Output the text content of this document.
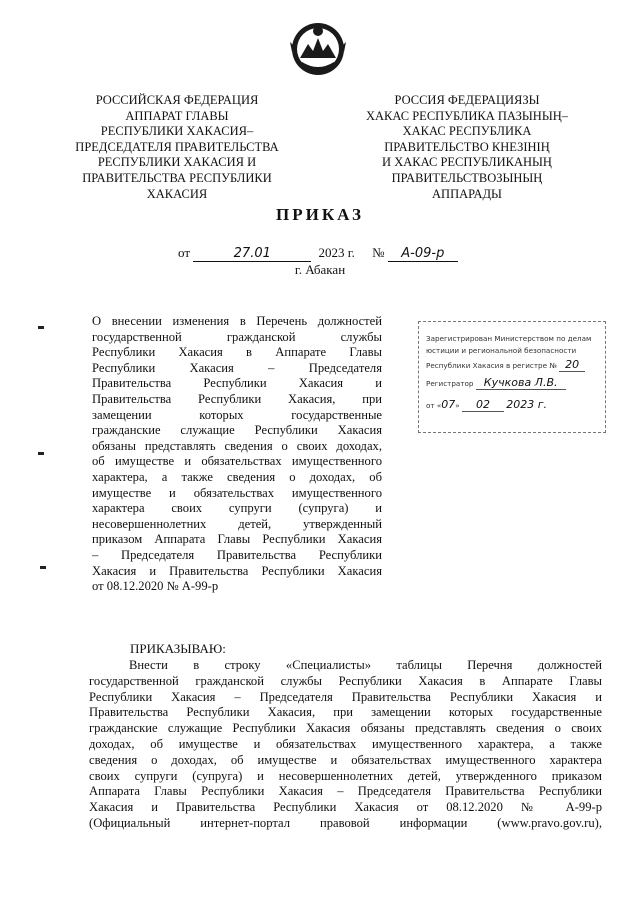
РОССИЙСКАЯ ФЕДЕРАЦИЯ
АППАРАТ ГЛАВЫ
РЕСПУБЛИКИ ХАКАСИЯ–
ПРЕДСЕДАТЕЛЯ ПРАВИТЕЛЬСТВА
РЕСПУБЛИКИ ХАКАСИЯ И
ПРАВИТЕЛЬСТВА РЕСПУБЛИКИ
ХАКАСИЯ
РОССИЯ ФЕДЕРАЦИЯЗЫ
ХАКАС РЕСПУБЛИКА ПАЗЫНЫҢ–
ХАКАС РЕСПУБЛИКА
ПРАВИТЕЛЬСТВО КНЕЗIНIҢ
И ХАКАС РЕСПУБЛИКАНЫҢ
ПРАВИТЕЛЬСТВОЗЫНЫҢ
АППАРАДЫ
ПРИКАЗ
от	27.01	2023 г. № А-09-р
г. Абакан
О внесении изменения в Перечень должностей
государственной гражданской службы
Республики Хакасия в Аппарате Главы
Республики Хакасия – Председателя
Правительства Республики Хакасия и
Правительства Республики Хакасия, при
замещении которых государственные
гражданские служащие Республики Хакасия
обязаны представлять сведения о своих доходах,
об имуществе и обязательствах имущественного
характера, а также сведения о доходах, об
имуществе и обязательствах имущественного
характера своих супруги (супруга) и
несовершеннолетних детей, утвержденный
приказом Аппарата Главы Республики Хакасия
– Председателя Правительства Республики
Хакасия и Правительства Республики Хакасия
от 08.12.2020 № А-99-р
Зарегистрирован Министерством по делам
юстиции и региональной безопасности
Республики Хакасия в регистре № 20
Регистратор Кучкова Л.В.
от «07» 02 2023 г.
ПРИКАЗЫВАЮ:
Внести в строку «Специалисты» таблицы Перечня должностей
государственной гражданской службы Республики Хакасия в Аппарате Главы
Республики Хакасия – Председателя Правительства Республики Хакасия и
Правительства Республики Хакасия, при замещении которых государственные
гражданские служащие Республики Хакасия обязаны представлять сведения о своих
доходах, об имуществе и обязательствах имущественного характера, а также
сведения о доходах, об имуществе и обязательствах имущественного характера
своих супруги (супруга) и несовершеннолетних детей, утвержденного приказом
Аппарата Главы Республики Хакасия – Председателя Правительства Республики
Хакасия и Правительства Республики Хакасия от 08.12.2020 № А-99-р
(Официальный интернет-портал правовой информации (www.pravo.gov.ru),
